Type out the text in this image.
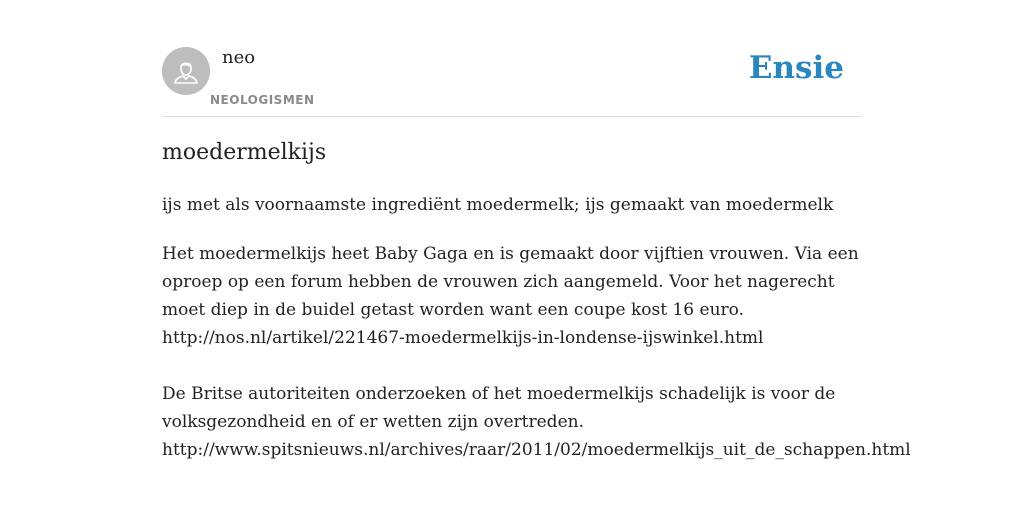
neo
NEOLOGISMEN
Ensie
moedermelkijs

ijs met als voornaamste ingrediënt moedermelk; ijs gemaakt van moedermelk

Het moedermelkijs heet Baby Gaga en is gemaakt door vijftien vrouwen. Via een
oproep op een forum hebben de vrouwen zich aangemeld. Voor het nagerecht
moet diep in de buidel getast worden want een coupe kost 16 euro.
http://nos.nl/artikel/221467-moedermelkijs-in-londense-ijswinkel.html
De Britse autoriteiten onderzoeken of het moedermelkijs schadelijk is voor de
volksgezondheid en of er wetten zijn overtreden.
http://www.spitsnieuws.nl/archives/raar/2011/02/moedermelkijs_uit_de_schappen.html
